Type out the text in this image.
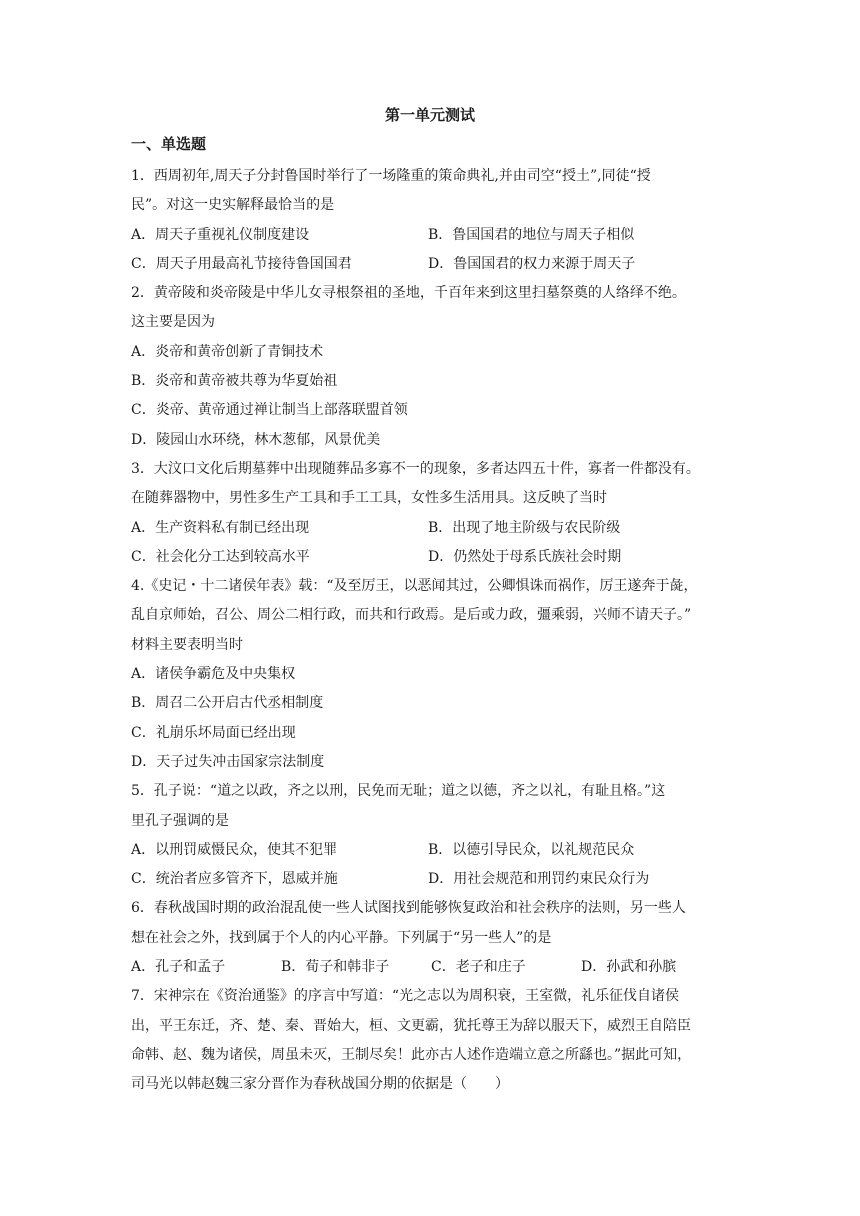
第一单元测试
一、单选题
1．西周初年,周天子分封鲁国时举行了一场隆重的策命典礼,并由司空“授土”,同徒“授
民”。对这一史实解释最恰当的是
A．周天子重视礼仪制度建设	B．鲁国国君的地位与周天子相似
C．周天子用最高礼节接待鲁国国君	D．鲁国国君的权力来源于周天子
2．黄帝陵和炎帝陵是中华儿女寻根祭祖的圣地，千百年来到这里扫墓祭奠的人络绎不绝。
这主要是因为
A．炎帝和黄帝创新了青铜技术
B．炎帝和黄帝被共尊为华夏始祖
C．炎帝、黄帝通过禅让制当上部落联盟首领
D．陵园山水环绕，林木葱郁，风景优美
3．大汶口文化后期墓葬中出现随葬品多寡不一的现象，多者达四五十件，寡者一件都没有。
在随葬器物中，男性多生产工具和手工工具，女性多生活用具。这反映了当时
A．生产资料私有制已经出现	B．出现了地主阶级与农民阶级
C．社会化分工达到较高水平	D．仍然处于母系氏族社会时期
4.《史记・十二诸侯年表》载：“及至厉王，以恶闻其过，公卿惧诛而祸作，厉王遂奔于彘，
乱自京师始，召公、周公二相行政，而共和行政焉。是后或力政，彊乘弱，兴师不请天子。”
材料主要表明当时
A．诸侯争霸危及中央集权
B．周召二公开启古代丞相制度
C．礼崩乐坏局面已经出现
D．天子过失冲击国家宗法制度
5．孔子说：“道之以政，齐之以刑，民免而无耻；道之以德，齐之以礼，有耻且格。”这
里孔子强调的是
A．以刑罚威慑民众，使其不犯罪	B．以德引导民众，以礼规范民众
C．统治者应多管齐下，恩威并施	D．用社会规范和刑罚约束民众行为
6．春秋战国时期的政治混乱使一些人试图找到能够恢复政治和社会秩序的法则，另一些人
想在社会之外，找到属于个人的内心平静。下列属于“另一些人”的是
A．孔子和孟子	B．荀子和韩非子	C．老子和庄子	D．孙武和孙膑
7．宋神宗在《资治通鉴》的序言中写道：“光之志以为周积衰，王室微，礼乐征伐自诸侯
出，平王东迁，齐、楚、秦、晋始大，桓、文更霸，犹托尊王为辞以服天下，威烈王自陪臣
命韩、赵、魏为诸侯，周虽未灭，王制尽矣！此亦古人述作造端立意之所繇也。”据此可知，
司马光以韩赵魏三家分晋作为春秋战国分期的依据是（　　）
